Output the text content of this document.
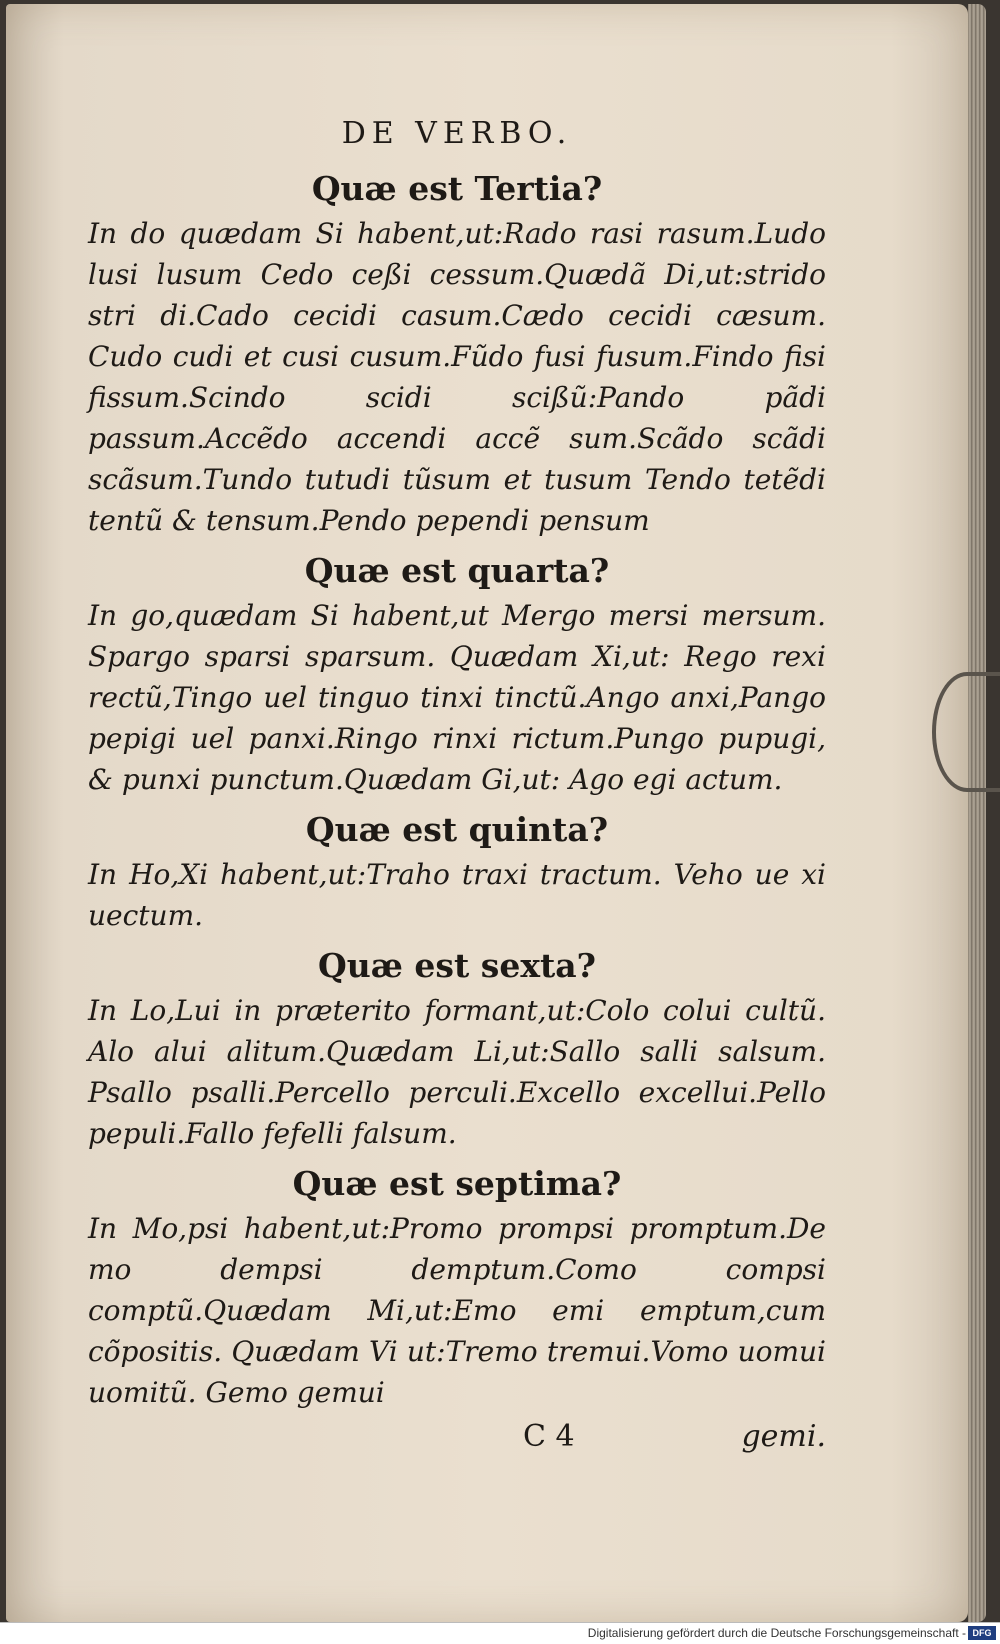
DE VERBO.
Quæ est Tertia?

In do quædam Si habent,ut:Rado rasi rasum.Ludo lusi lusum Cedo ceßi cessum.Quædã Di,ut:strido stri di.Cado cecidi casum.Cædo cecidi cæsum. Cudo cudi et cusi cusum.Fũdo fusi fusum.Findo fisi fissum.Scindo scidi scißũ:Pando pãdi passum.Accẽdo accendi accẽ sum.Scãdo scãdi scãsum.Tundo tutudi tũsum et tusum Tendo tetẽdi tentũ & tensum.Pendo pependi pensum

Quæ est quarta?

In go,quædam Si habent,ut Mergo mersi mersum. Spargo sparsi sparsum. Quædam Xi,ut: Rego rexi rectũ,Tingo uel tinguo tinxi tinctũ.Ango anxi,Pango pepigi uel panxi.Ringo rinxi rictum.Pungo pupugi, & punxi punctum.Quædam Gi,ut: Ago egi actum.

Quæ est quinta?

In Ho,Xi habent,ut:Traho traxi tractum. Veho ue xi uectum.

Quæ est sexta?

In Lo,Lui in præterito formant,ut:Colo colui cultũ. Alo alui alitum.Quædam Li,ut:Sallo salli salsum. Psallo psalli.Percello perculi.Excello excellui.Pello pepuli.Fallo fefelli falsum.

Quæ est septima?

In Mo,psi habent,ut:Promo prompsi promptum.De mo dempsi demptum.Como compsi comptũ.Quædam Mi,ut:Emo emi emptum,cum cõpositis. Quædam Vi ut:Tremo tremui.Vomo uomui uomitũ. Gemo gemui

C 4	gemi.
Digitalisierung gefördert durch die Deutsche Forschungsgemeinschaft - DFG
